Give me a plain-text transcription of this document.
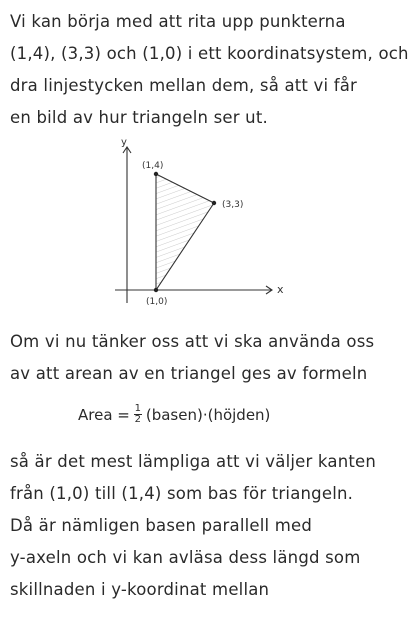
Vi kan börja med att rita upp punkterna
(1,4), (3,3) och (1,0) i ett koordinatsystem, och
dra linjestycken mellan dem, så att vi får
en bild av hur triangeln ser ut.
x
y
(1,4)
(3,3)
(1,0)
Om vi nu tänker oss att vi ska använda oss
av att arean av en triangel ges av formeln
Area = $\frac{1}{2}$ (basen)·(höjden)
så är det mest lämpliga att vi väljer kanten
från (1,0) till (1,4) som bas för triangeln.
Då är nämligen basen parallell med
y-axeln och vi kan avläsa dess längd som
skillnaden i y-koordinat mellan
